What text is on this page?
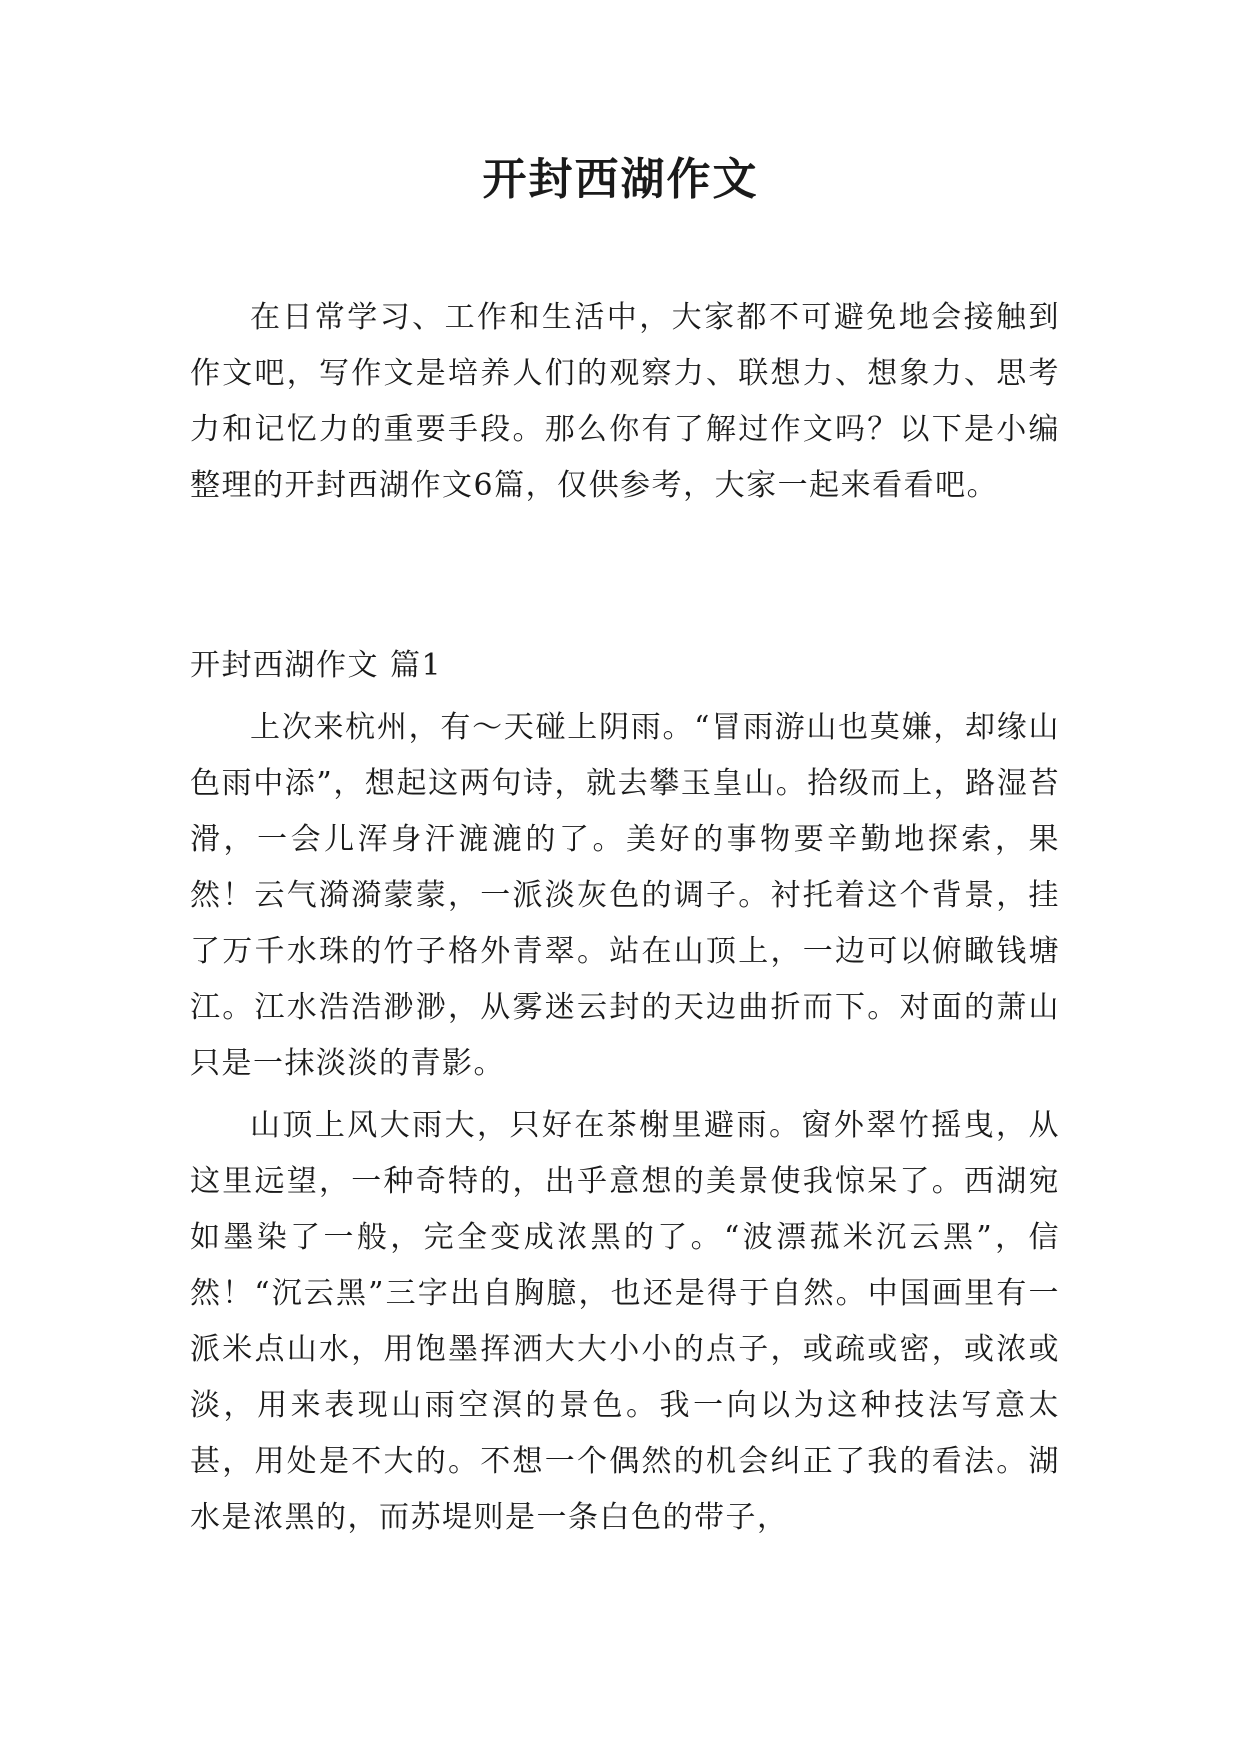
开封西湖作文

在日常学习、工作和生活中，大家都不可避免地会接触到作文吧，写作文是培养人们的观察力、联想力、想象力、思考力和记忆力的重要手段。那么你有了解过作文吗？以下是小编整理的开封西湖作文6篇，仅供参考，大家一起来看看吧。

开封西湖作文 篇1

上次来杭州，有～天碰上阴雨。“冒雨游山也莫嫌，却缘山色雨中添”，想起这两句诗，就去攀玉皇山。拾级而上，路湿苔滑，一会儿浑身汗漉漉的了。美好的事物要辛勤地探索，果然！云气漪漪蒙蒙，一派淡灰色的调子。衬托着这个背景，挂了万千水珠的竹子格外青翠。站在山顶上，一边可以俯瞰钱塘江。江水浩浩渺渺，从雾迷云封的天边曲折而下。对面的萧山只是一抹淡淡的青影。

山顶上风大雨大，只好在茶榭里避雨。窗外翠竹摇曳，从这里远望，一种奇特的，出乎意想的美景使我惊呆了。西湖宛如墨染了一般，完全变成浓黑的了。“波漂菰米沉云黑”，信然！“沉云黑”三字出自胸臆，也还是得于自然。中国画里有一派米点山水，用饱墨挥洒大大小小的点子，或疏或密，或浓或淡，用来表现山雨空溟的景色。我一向以为这种技法写意太甚，用处是不大的。不想一个偶然的机会纠正了我的看法。湖水是浓黑的，而苏堤则是一条白色的带子，
